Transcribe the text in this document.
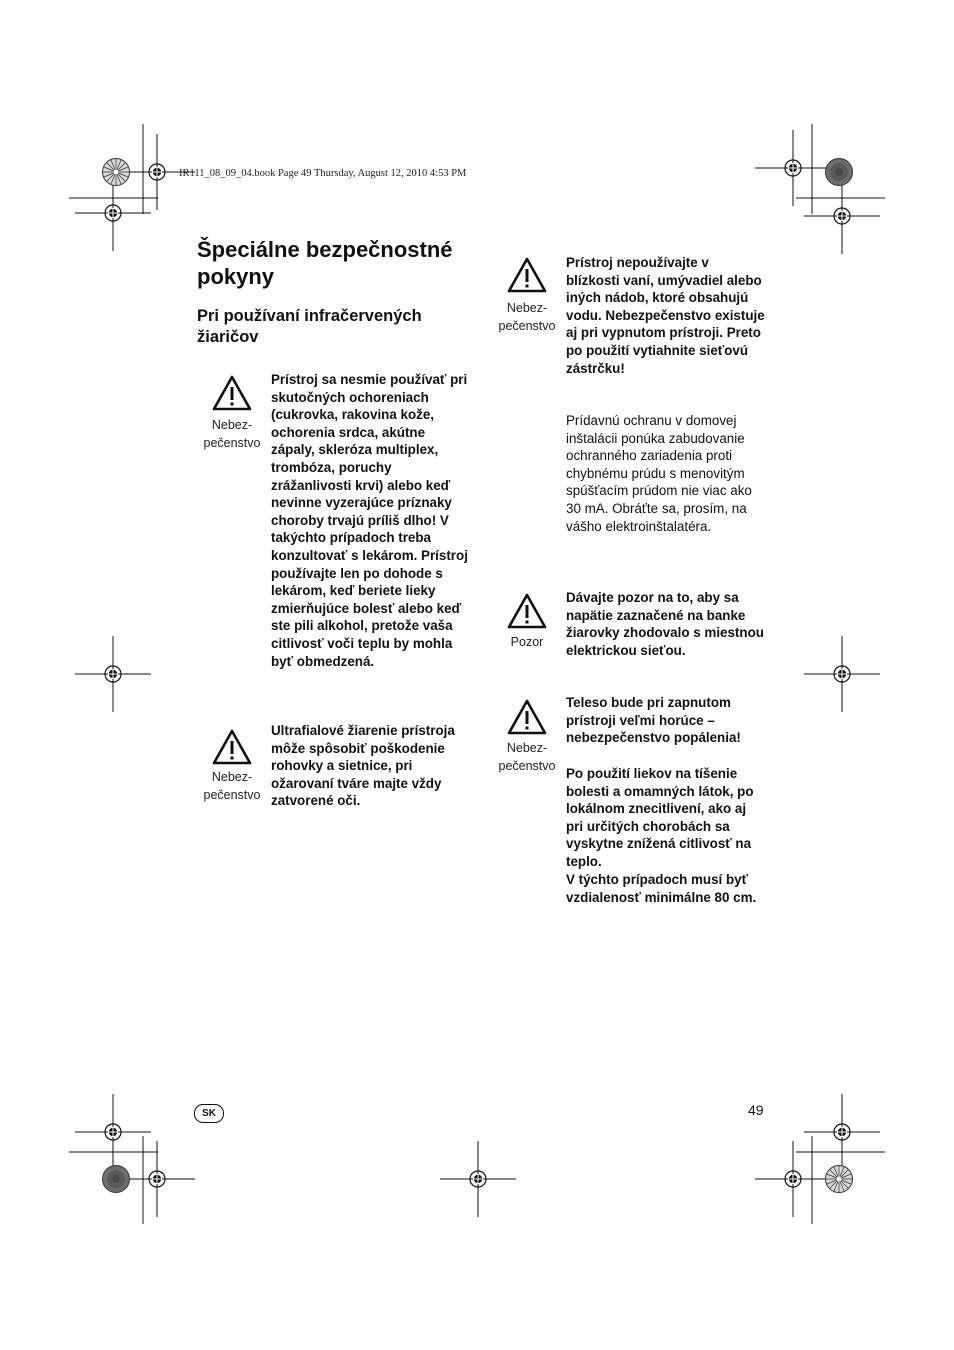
IR111_08_09_04.book Page 49 Thursday, August 12, 2010 4:53 PM
Špeciálne bezpečnostné pokyny
Pri používaní infračervených žiaričov
Nebez-
pečenstvo

Prístroj sa nesmie používať pri skutočných ochoreniach (cukrovka, rakovina kože, ochorenia srdca, akútne zápaly, skleróza multiplex, trombóza, poruchy zrážanlivosti krvi) alebo keď nevinne vyzerajúce príznaky choroby trvajú príliš dlho! V takýchto prípadoch treba konzultovať s lekárom. Prístroj používajte len po dohode s lekárom, keď beriete lieky zmierňujúce bolesť alebo keď ste pili alkohol, pretože vaša citlivosť voči teplu by mohla byť obmedzená.

Nebez-
pečenstvo

Ultrafialové žiarenie prístroja môže spôsobiť poškodenie rohovky a sietnice, pri ožarovaní tváre majte vždy zatvorené oči.

Nebez-
pečenstvo

Prístroj nepoužívajte v blízkosti vaní, umývadiel alebo iných nádob, ktoré obsahujú vodu. Nebezpečenstvo existuje aj pri vypnutom prístroji. Preto po použití vytiahnite sieťovú zástrčku!

Prídavnú ochranu v domovej inštalácii ponúka zabudovanie ochranného zariadenia proti chybnému prúdu s menovitým spúšťacím prúdom nie viac ako 30 mA. Obráťte sa, prosím, na vášho elektroinštalatéra.

Pozor

Dávajte pozor na to, aby sa napätie zaznačené na banke žiarovky zhodovalo s miestnou elektrickou sieťou.

Nebez-
pečenstvo

Teleso bude pri zapnutom prístroji veľmi horúce – nebezpečenstvo popálenia!

Po použití liekov na tíšenie bolesti a omamných látok, po lokálnom znecitlivení, ako aj pri určitých chorobách sa vyskytne znížená citlivosť na teplo.

V týchto prípadoch musí byť vzdialenosť minimálne 80 cm.

SK	49
